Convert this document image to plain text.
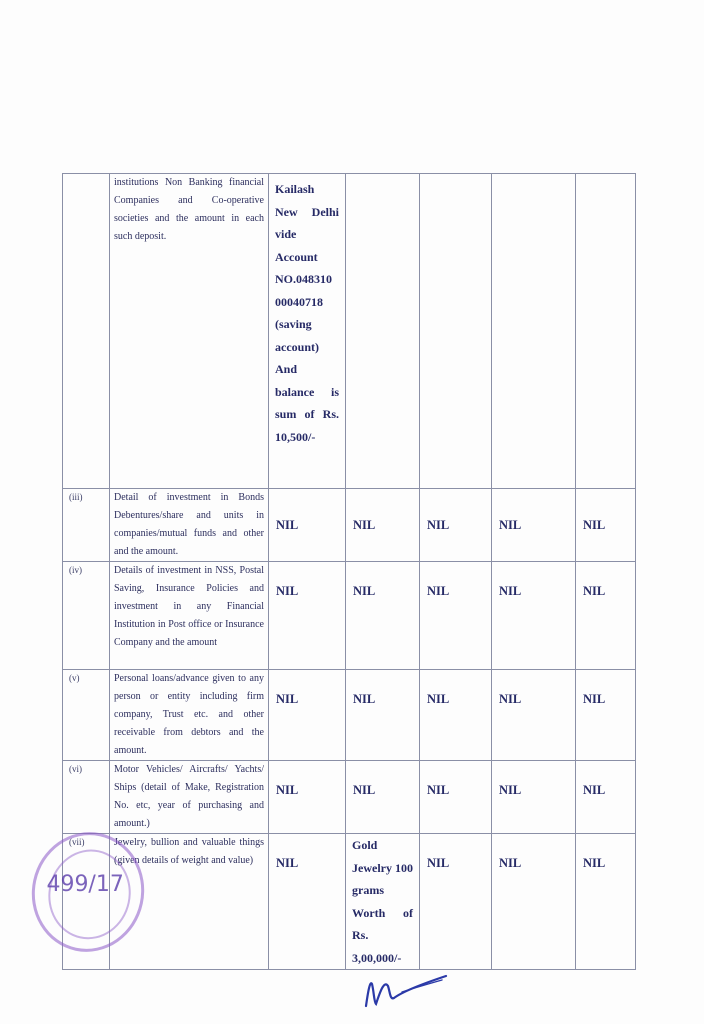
	institutions Non Banking financial Companies and Co-operative societies and the amount in each such deposit.	Kailash New Delhi vide Account NO.048310 00040718 (saving account) And balance is sum of Rs. 10,500/-				
(iii)	Detail of investment in Bonds Debentures/share and units in companies/mutual funds and other and the amount.	NIL	NIL	NIL	NIL	NIL

(iv)	Details of investment in NSS, Postal Saving, Insurance Policies and investment in any Financial Institution in Post office or Insurance Company and the amount	NIL	NIL	NIL	NIL	NIL

(v)	Personal loans/advance given to any person or entity including firm company, Trust etc. and other receivable from debtors and the amount.	NIL	NIL	NIL	NIL	NIL

(vi)	Motor Vehicles/ Aircrafts/ Yachts/ Ships (detail of Make, Registration No. etc, year of purchasing and amount.)	NIL	NIL	NIL	NIL	NIL

(vii)	Jewelry, bullion and valuable things (given details of weight and value)	NIL	Gold Jewelry 100 grams Worth of Rs. 3,00,000/-	NIL	NIL	NIL
499/17
